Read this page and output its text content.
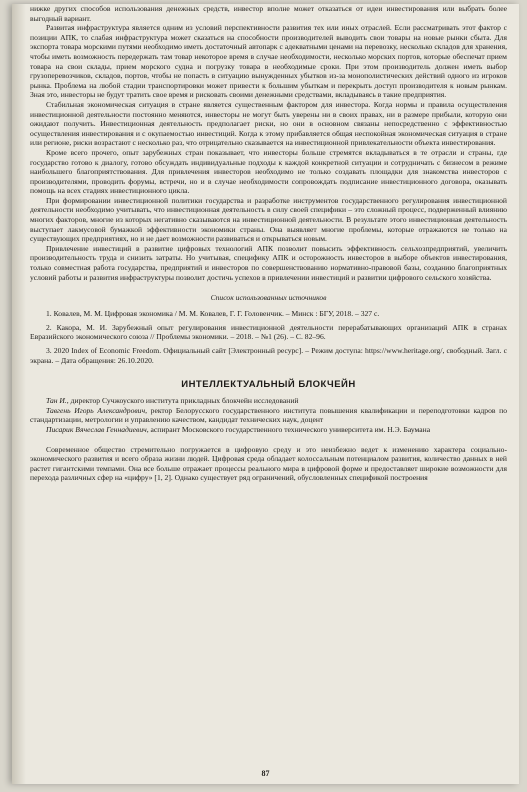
нижке других способов использования денежных средств, инвестор вполне может отказаться от идеи инвестирования или выбрать более выгодный вариант.

Развитая инфраструктура является одним из условий перспективности развития тех или иных отраслей. Если рассматривать этот фактор с позиции АПК, то слабая инфраструктура может сказаться на способности производителей выводить свои товары на новые рынки сбыта. Для экспорта товара морскими путями необходимо иметь достаточный автопарк с адекватными ценами на перевозку, несколько складов для хранения, чтобы иметь возможность передержать там товар некоторое время в случае необходимости, несколько морских портов, которые обеспечат прием товара на свои склады, прием морского судна и погрузку товара в необходимые сроки. При этом производитель должен иметь выбор грузоперевозчиков, складов, портов, чтобы не попасть в ситуацию вынужденных убытков из-за монополистических действий одного из игроков рынка. Проблема на любой стадии транспортировки может привести к большим убыткам и перекрыть доступ производителя к новым рынкам. Зная это, инвесторы не будут тратить свое время и рисковать своими денежными средствами, вкладываясь в такие предприятия.

Стабильная экономическая ситуация в стране является существенным фактором для инвестора. Когда нормы и правила осуществления инвестиционной деятельности постоянно меняются, инвесторы не могут быть уверены ни в своих правах, ни в размере прибыли, которую они ожидают получить. Инвестиционная деятельность предполагает риски, но они в основном связаны непосредственно с эффективностью осуществления инвестирования и с окупаемостью инвестиций. Когда к этому прибавляется общая неспокойная экономическая ситуация в стране или регионе, риски возрастают с несколько раз, что отрицательно сказывается на инвестиционной привлекательности объекта инвестирования.

Кроме всего прочего, опыт зарубежных стран показывает, что инвесторы больше стремятся вкладываться в те отрасли и страны, где государство готово к диалогу, готово обсуждать индивидуальные подходы к каждой конкретной ситуации и сотрудничать с бизнесом в режиме наибольшего благоприятствования. Для привлечения инвесторов необходимо не только создавать площадки для знакомства инвесторов с производителями, проводить форумы, встречи, но и в случае необходимости сопровождать подписание инвестиционного договора, оказывать помощь на всех стадиях инвестиционного цикла.

При формировании инвестиционной политики государства и разработке инструментов государственного регулирования инвестиционной деятельности необходимо учитывать, что инвестиционная деятельность в силу своей специфики – это сложный процесс, подверженный влиянию многих факторов, многие из которых негативно сказываются на инвестиционной деятельности. В результате этого инвестиционная деятельность выступает лакмусовой бумажкой эффективности экономики страны. Она выявляет многие проблемы, которые отражаются не только на существующих предприятиях, но и не дает возможности развиваться и открываться новым.

Привлечение инвестиций в развитие цифровых технологий АПК позволит повысить эффективность сельхозпредприятий, увеличить производительность труда и снизить затраты. Но учитывая, специфику АПК и осторожность инвесторов в выборе объектов инвестирования, только совместная работа государства, предприятий и инвесторов по совершенствованию нормативно-правовой базы, созданию благоприятных условий работы и развития инфраструктуры позволит достичь успехов в привлечении инвестиций и развитии цифрового сельского хозяйства.

Список использованных источников

1. Ковалев, М. М. Цифровая экономика / М. М. Ковалев, Г. Г. Головенчик. – Минск : БГУ, 2018. – 327 с.

2. Какора, М. И. Зарубежный опыт регулирования инвестиционной деятельности перерабатывающих организаций АПК в странах Евразийского экономического союза // Проблемы экономики. – 2018. – №1 (26). – С. 82–96.

3. 2020 Index of Economic Freedom. Официальный сайт [Электронный ресурс]. – Режим доступа: https://www.heritage.org/, свободный. Загл. с экрана. – Дата обращения: 26.10.2020.

ИНТЕЛЛЕКТУАЛЬНЫЙ БЛОКЧЕЙН

Тан И., директор Сучжоуского института прикладных блокчейн исследований

Тавгень Игорь Александрович, ректор Белорусского государственного института повышения квалификации и переподготовки кадров по стандартизации, метрологии и управлению качеством, кандидат технических наук, доцент

Писарик Вячеслав Геннадиевич, аспирант Московского государственного технического университета им. Н.Э. Баумана

Современное общество стремительно погружается в цифровую среду и это неизбежно ведет к изменению характера социально-экономического развития и всего образа жизни людей. Цифровая среда обладает колоссальным потенциалом развития, количество данных в ней растет гигантскими темпами. Она все больше отражает процессы реального мира в цифровой форме и предоставляет широкие возможности для перехода различных сфер на «цифру» [1, 2]. Однако существует ряд ограничений, обусловленных спецификой построения

87
